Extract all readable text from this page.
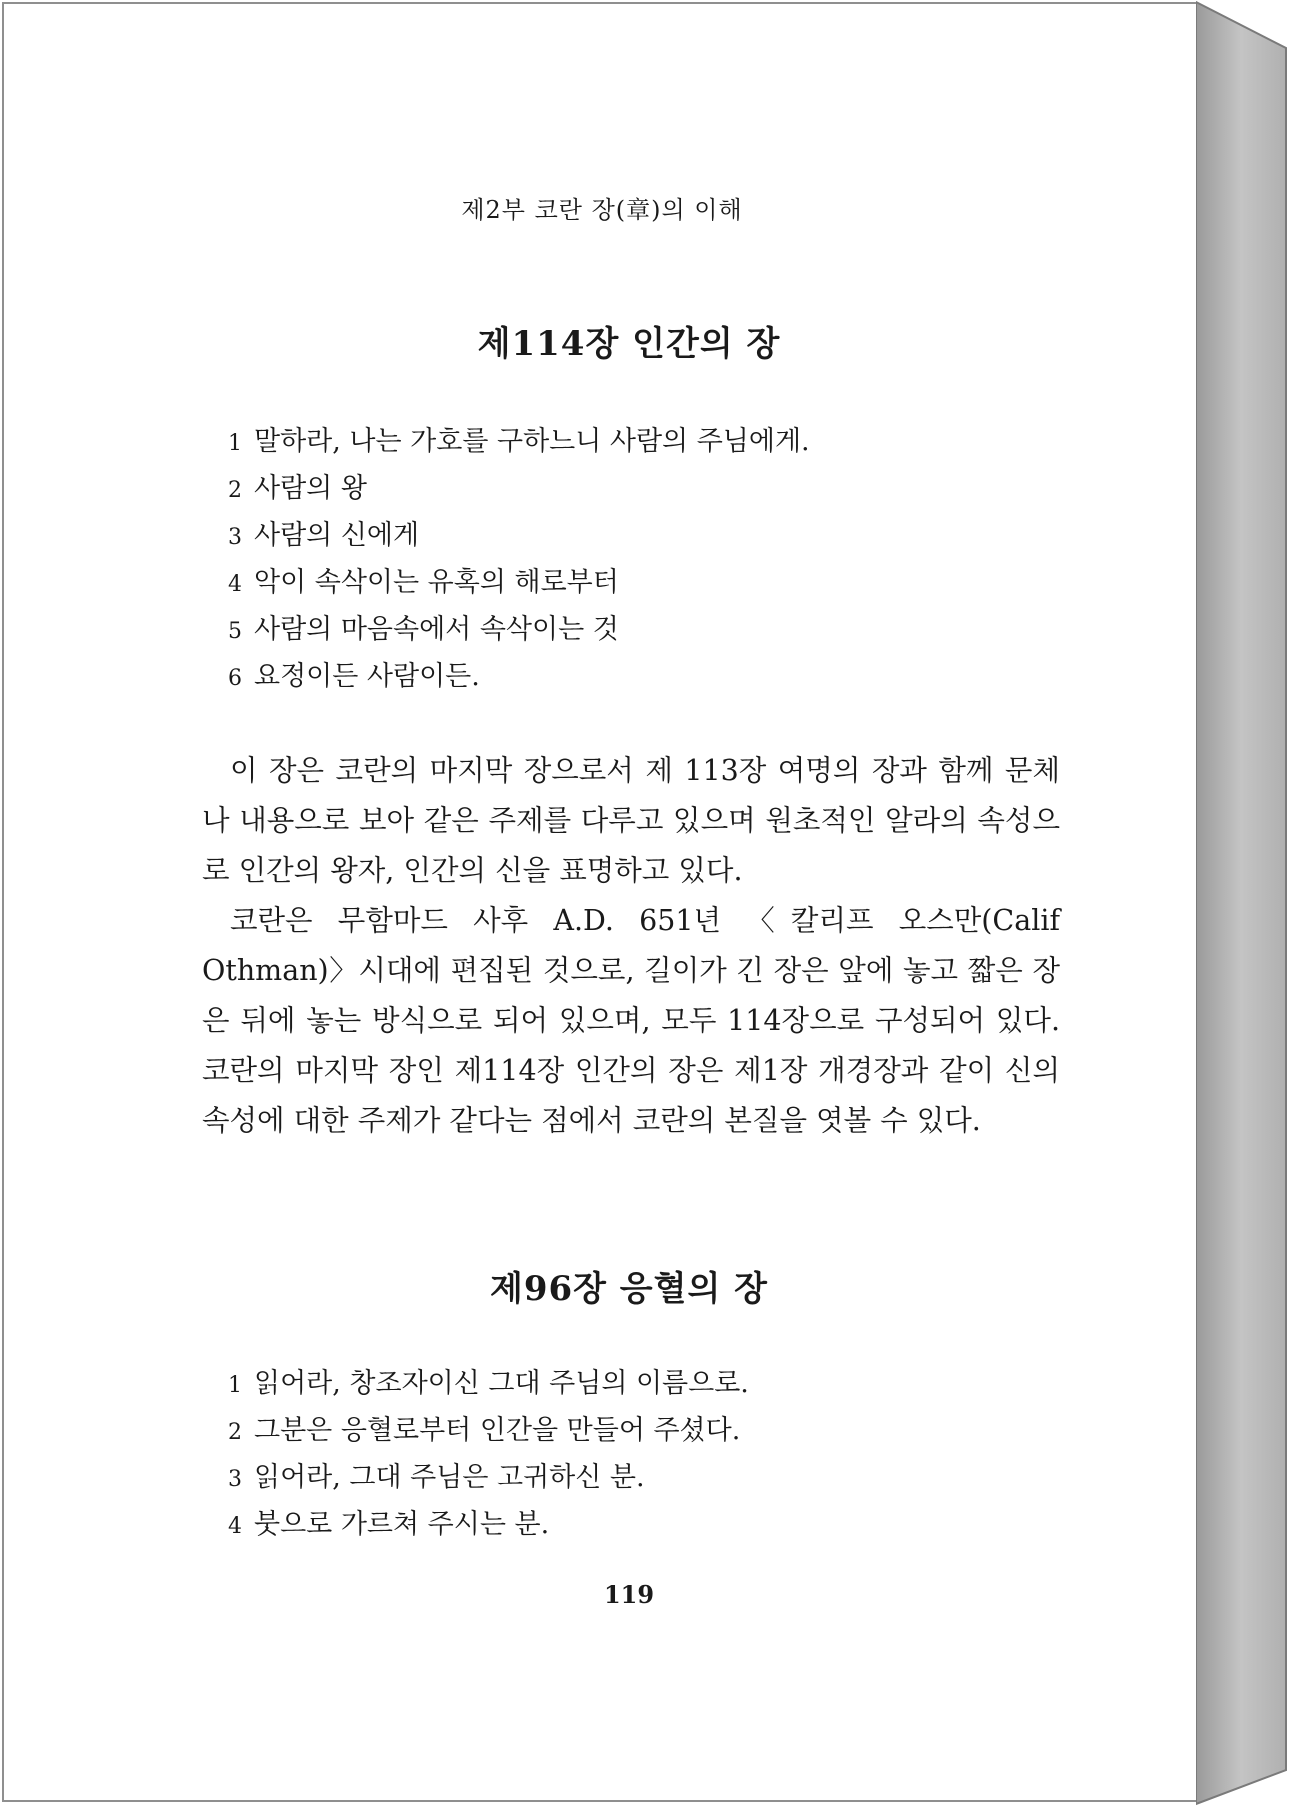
제2부 코란 장(章)의 이해
제114장 인간의 장
1 말하라, 나는 가호를 구하느니 사람의 주님에게.
2 사람의 왕
3 사람의 신에게
4 악이 속삭이는 유혹의 해로부터
5 사람의 마음속에서 속삭이는 것
6 요정이든 사람이든.

이 장은 코란의 마지막 장으로서 제 113장 여명의 장과 함께 문체나 내용으로 보아 같은 주제를 다루고 있으며 원초적인 알라의 속성으로 인간의 왕자, 인간의 신을 표명하고 있다.

코란은 무함마드 사후 A.D. 651년 〈칼리프 오스만(Calif Othman)〉시대에 편집된 것으로, 길이가 긴 장은 앞에 놓고 짧은 장은 뒤에 놓는 방식으로 되어 있으며, 모두 114장으로 구성되어 있다. 코란의 마지막 장인 제114장 인간의 장은 제1장 개경장과 같이 신의 속성에 대한 주제가 같다는 점에서 코란의 본질을 엿볼 수 있다.

제96장 응혈의 장
1 읽어라, 창조자이신 그대 주님의 이름으로.
2 그분은 응혈로부터 인간을 만들어 주셨다.
3 읽어라, 그대 주님은 고귀하신 분.
4 붓으로 가르쳐 주시는 분.
119
